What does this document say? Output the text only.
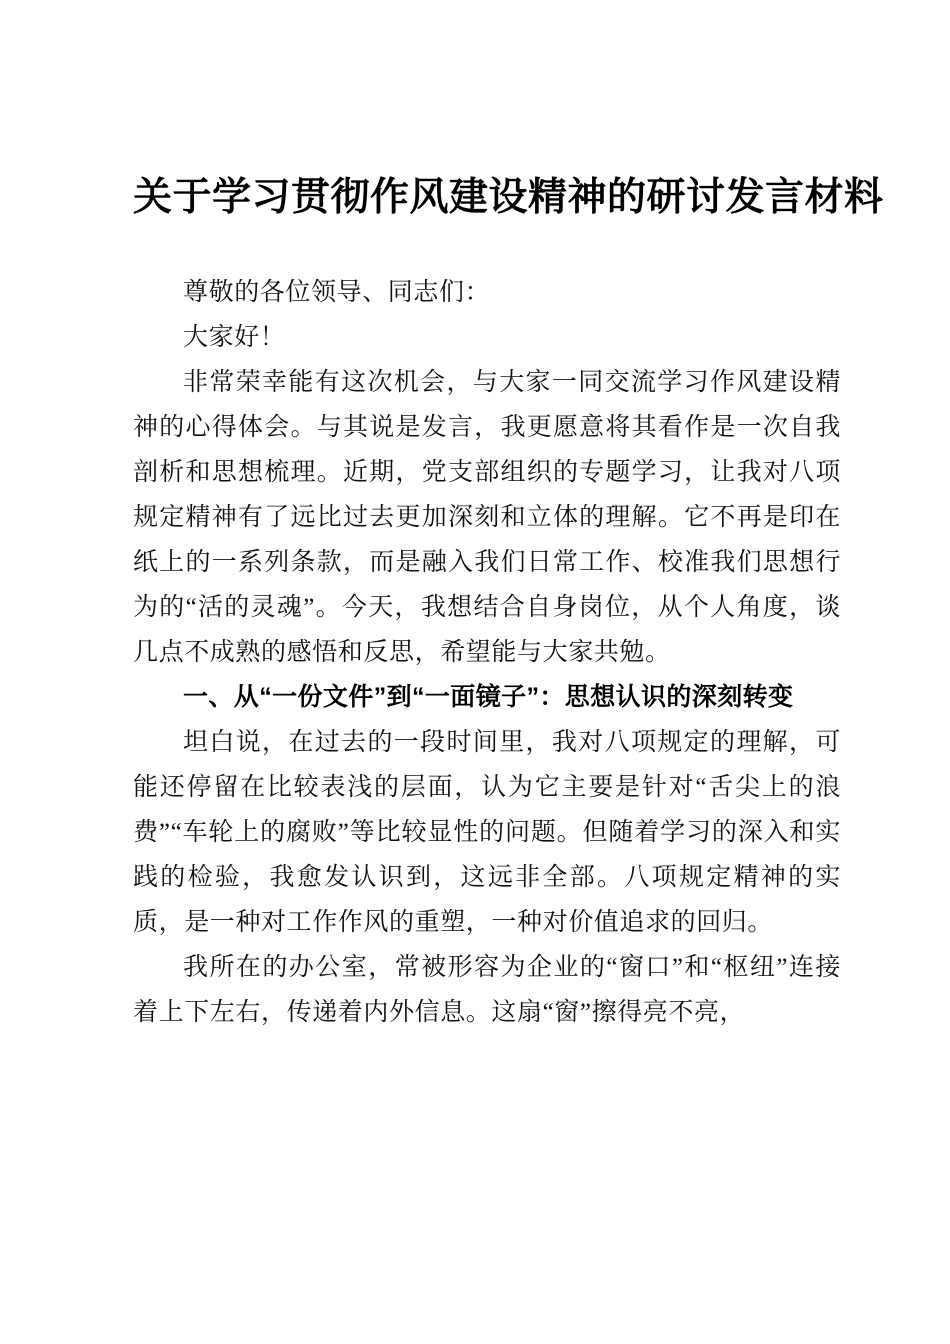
关于学习贯彻作风建设精神的研讨发言材料

尊敬的各位领导、同志们：

大家好！

非常荣幸能有这次机会，与大家一同交流学习作风建设精神的心得体会。与其说是发言，我更愿意将其看作是一次自我剖析和思想梳理。近期，党支部组织的专题学习，让我对八项规定精神有了远比过去更加深刻和立体的理解。它不再是印在纸上的一系列条款，而是融入我们日常工作、校准我们思想行为的“活的灵魂”。今天，我想结合自身岗位，从个人角度，谈几点不成熟的感悟和反思，希望能与大家共勉。

一、从“一份文件”到“一面镜子”：思想认识的深刻转变

坦白说，在过去的一段时间里，我对八项规定的理解，可能还停留在比较表浅的层面，认为它主要是针对“舌尖上的浪费”“车轮上的腐败”等比较显性的问题。但随着学习的深入和实践的检验，我愈发认识到，这远非全部。八项规定精神的实质，是一种对工作作风的重塑，一种对价值追求的回归。

我所在的办公室，常被形容为企业的“窗口”和“枢纽”连接着上下左右，传递着内外信息。这扇“窗”擦得亮不亮，
